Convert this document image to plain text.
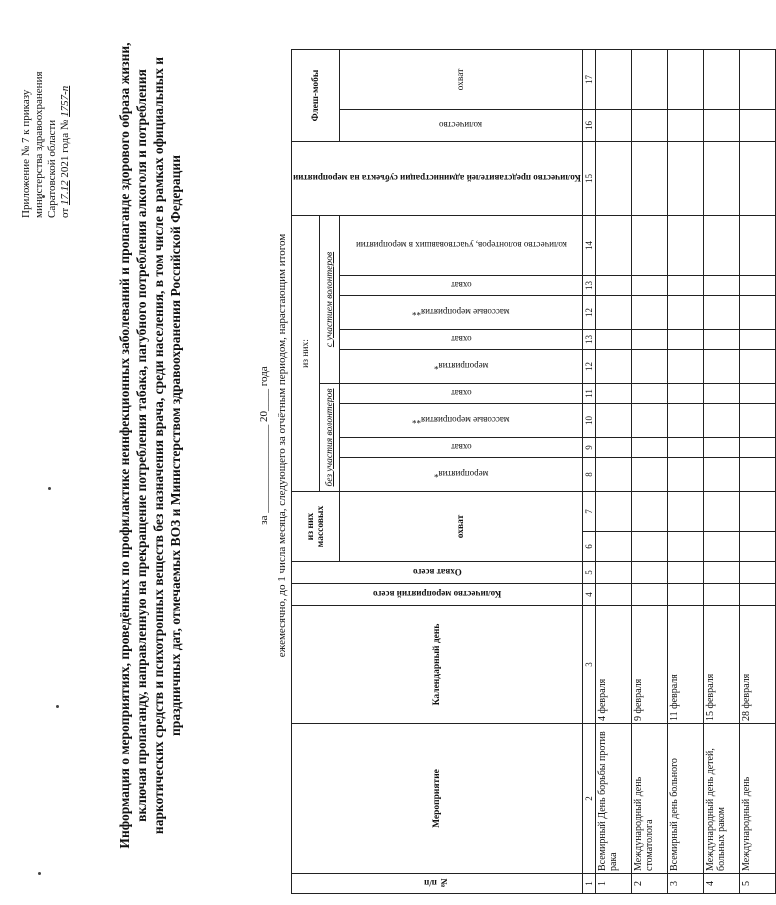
Приложение № 7 к приказу министерства здравоохранения Саратовской области от 17.12 2021 года № 1757-п	Информация о мероприятиях, проведённых по профилактике неинфекционных заболеваний и пропаганде здорового образа жизни, включая пропаганду, направленную на прекращение потребления табака, пагубного потребления алкоголя и потребления наркотических средств и психотропных веществ без назначения врача, среди населения, в том числе в рамках официальных и праздничных дат, отмечаемых ВОЗ и Министерством здравоохранения Российской Федерации	за ________________ 20____ года ежемесячно, до 1 числа месяца, следующего за отчётным периодом, нарастающим итогом
№ п/п	Мероприятие	Календарный день	Количество мероприятий всего	Охват всего	из них массовых		из них:									Количество представителей администрации субъекта на мероприятии	Флеш-мобы	
							без участия волонтеров				с участием волонтеров							
					охват		мероприятия*	охват	массовые мероприятия**	охват	мероприятия*	охват	массовые мероприятия**	охват	количество волонтеров, участвовавших в мероприятии		количество	охват

1	2	3	4	5	6	7	8	9	10	11	12	13	12	13	14	15	16	17
1	Всемирный День борьбы против рака	4 февраля																
2	Международный день стоматолога	9 февраля																
3	Всемирный день больного	11 февраля																
4	Международный день детей, больных раком	15 февраля																
5	Международный день	28 февраля																
